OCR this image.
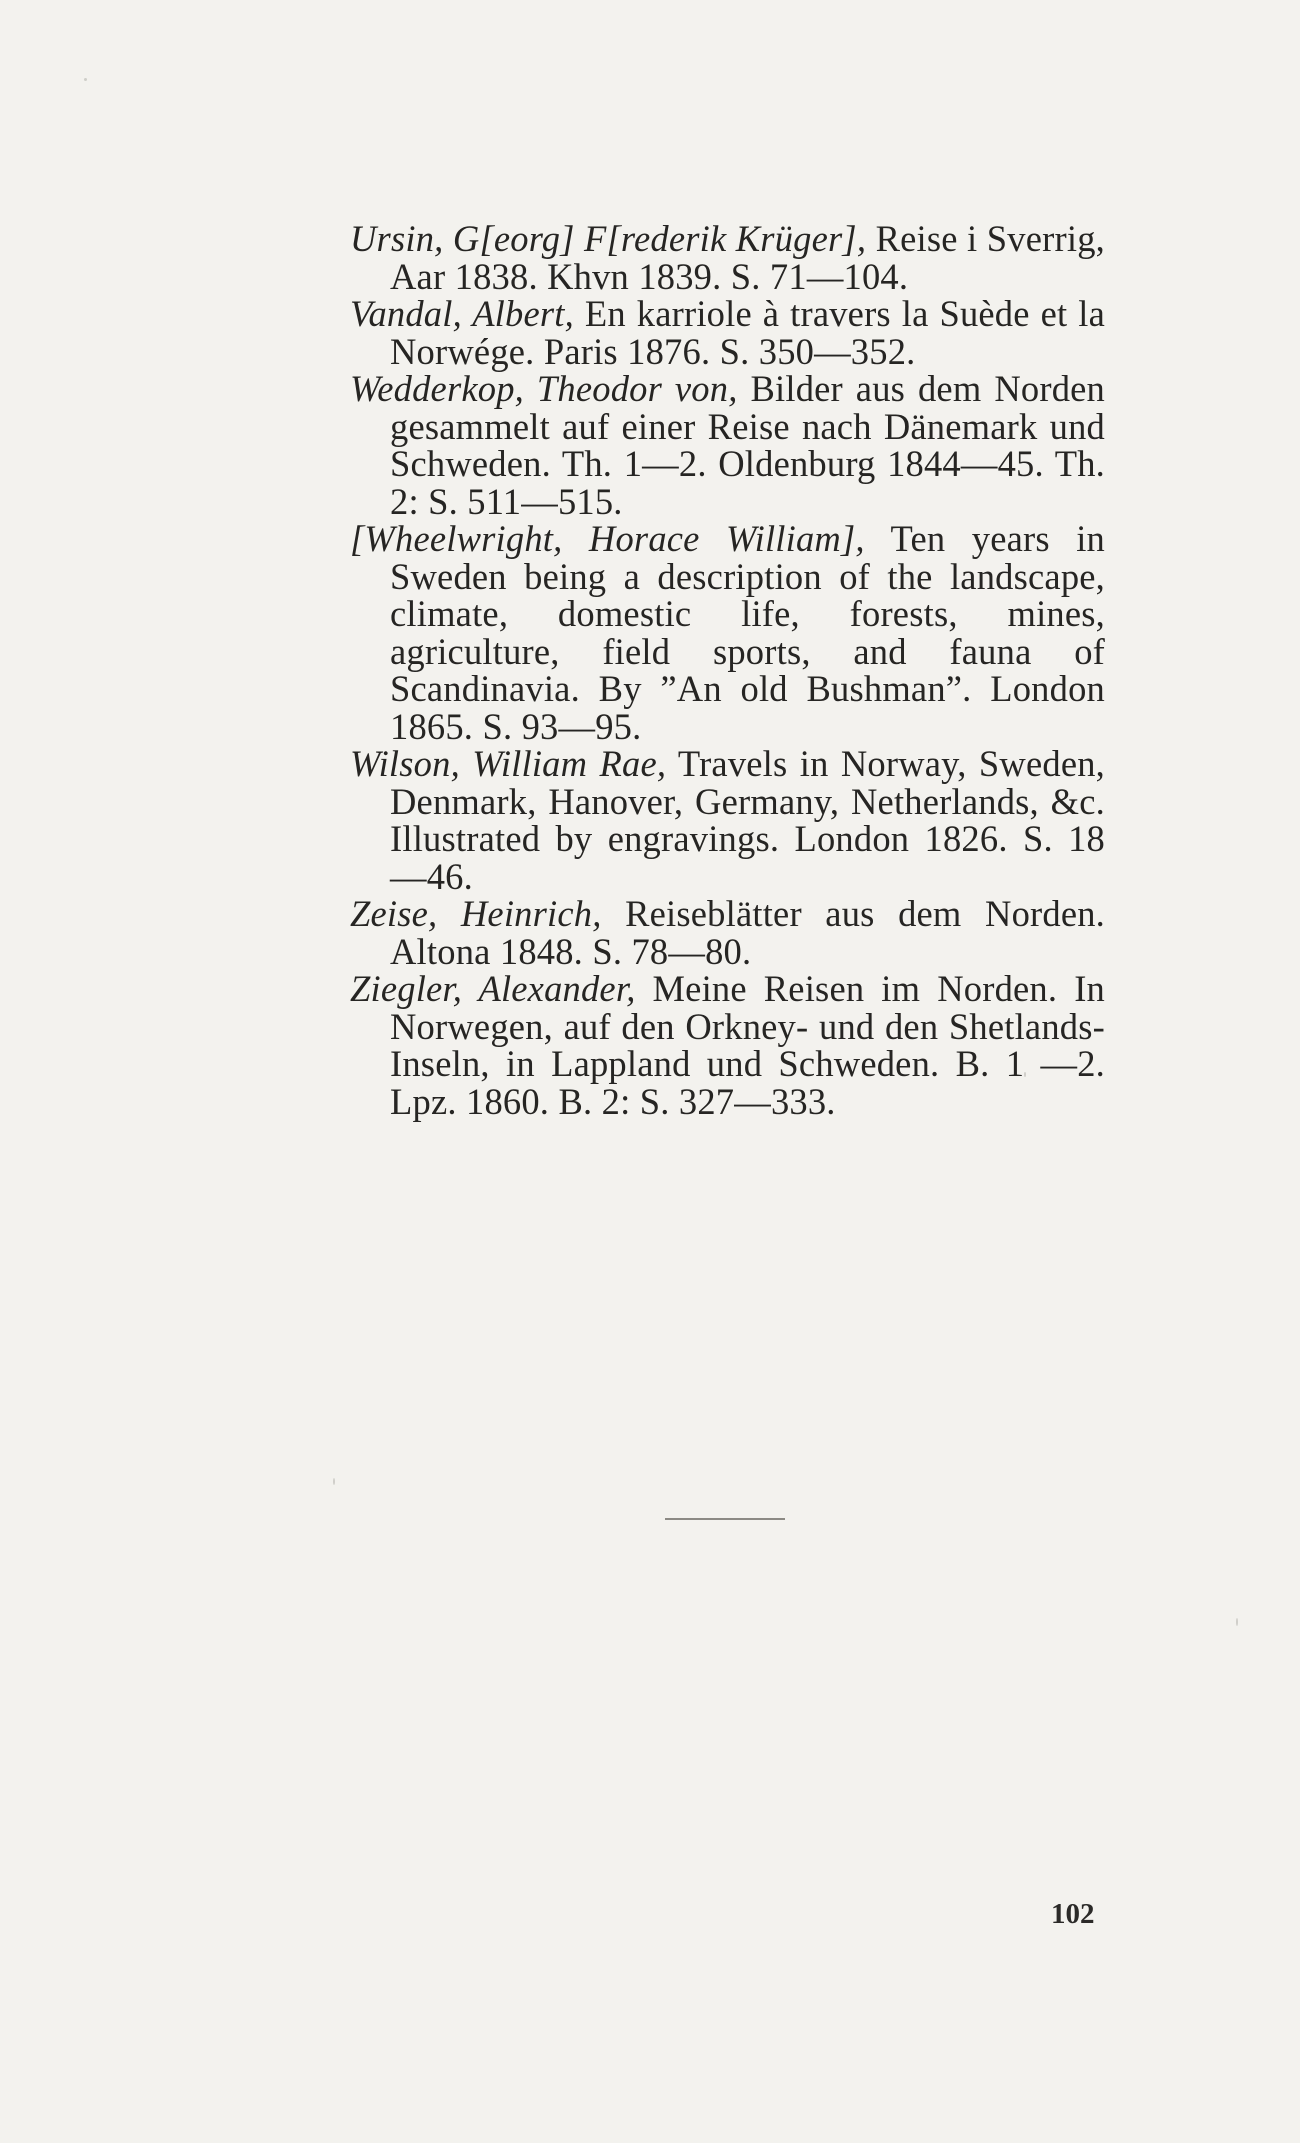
Ursin, G[eorg] F[rederik Krüger], Reise i Sverrig, Aar 1838. Khvn 1839. S. 71—104.

Vandal, Albert, En karriole à travers la Suède et la Norwége. Paris 1876. S. 350—352.

Wedderkop, Theodor von, Bilder aus dem Norden gesammelt auf einer Reise nach Dänemark und Schweden. Th. 1—2. Oldenburg 1844—45. Th. 2: S. 511—515.

[Wheelwright, Horace William], Ten years in Sweden being a description of the landscape, climate, domestic life, forests, mines, agriculture, field sports, and fauna of Scandinavia. By ”An old Bushman”. London 1865. S. 93—95.

Wilson, William Rae, Travels in Norway, Sweden, Denmark, Hanover, Germany, Netherlands, &c. Illustrated by engravings. London 1826. S. 18—46.

Zeise, Heinrich, Reiseblätter aus dem Norden. Altona 1848. S. 78—80.

Ziegler, Alexander, Meine Reisen im Norden. In Norwegen, auf den Orkney- und den Shetlands-Inseln, in Lappland und Schweden. B. 1 —2. Lpz. 1860. B. 2: S. 327—333.

102
